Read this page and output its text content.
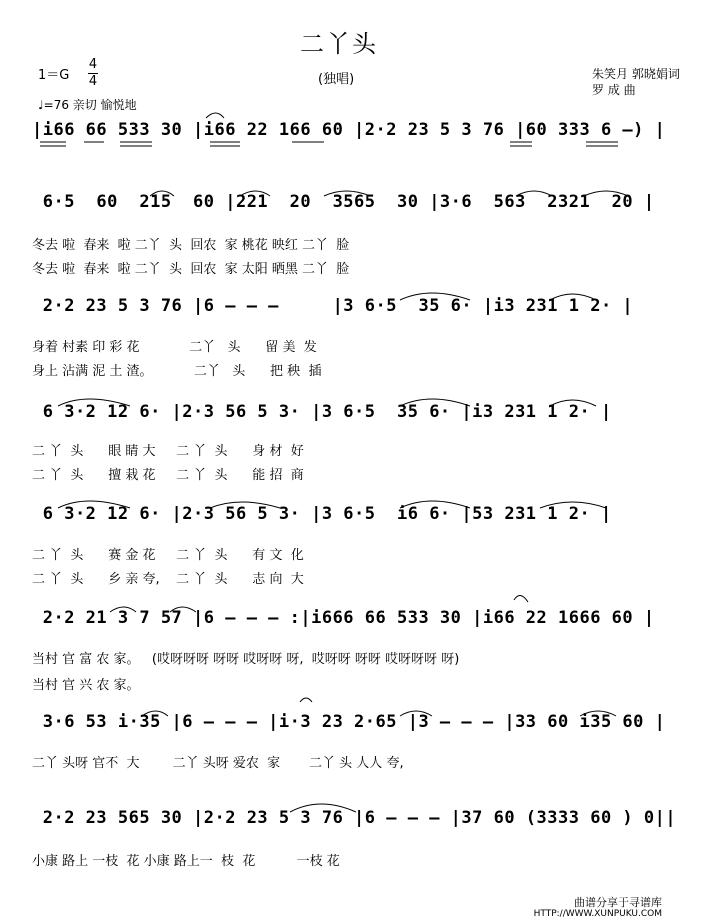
二丫头
1＝G
4
4
♩=76 亲切 愉悦地
(独唱)	朱笑月 郭晓娟词
罗 成 曲
|i66 66 533 30 |i66 22 166 60 |2·2 23 5 3 76 |60 333 6 –) |
6·5  60  215  60 |221  20  3565  30 |3·6  563  2321  20 |
冬去 啦  春来  啦 二丫  头  回农  家 桃花 映红 二丫  脸
冬去 啦  春来  啦 二丫  头  回农  家 太阳 晒黑 二丫  脸
2·2 23 5 3 76 |6 – – –     |3 6·5  35 6· |i3 231 1 2· |
身着 村素 印 彩 花            二丫   头      留 美  发
身上 沾满 泥 土 渣。          二丫   头      把 秧  插
6 3·2 12 6· |2·3 56 5 3· |3 6·5  35 6· |i3 231 1 2· |
二 丫  头      眼 睛 大     二 丫  头      身 材  好
二 丫  头      擅 栽 花     二 丫  头      能 招  商
6 3·2 12 6· |2·3 56 5 3· |3 6·5  i6 6· |53 231 1 2· |
二 丫  头      赛 金 花     二 丫  头      有 文  化
二 丫  头      乡 亲 夸,    二 丫  头      志 向  大
2·2 21 3 7 57 |6 – – – :|i666 66 533 30 |i66 22 1666 60 |
当村 官 富 农 家。   (哎呀呀呀 呀呀 哎呀呀 呀,  哎呀呀 呀呀 哎呀呀呀 呀)
当村 官 兴 农 家。
3·6 53 i·35 |6 – – – |i·3 23 2·65 |3 – – – |33 60 i35 60 |
二丫 头呀 官不  大        二丫 头呀 爱农  家       二丫 头 人人 夸,
2·2 23 565 30 |2·2 23 5 3 76 |6 – – – |37 60 (3333 60 ) 0||
小康 路上 一枝  花 小康 路上一  枝  花          一枝 花
曲谱分享于寻谱库
HTTP://WWW.XUNPUKU.COM
